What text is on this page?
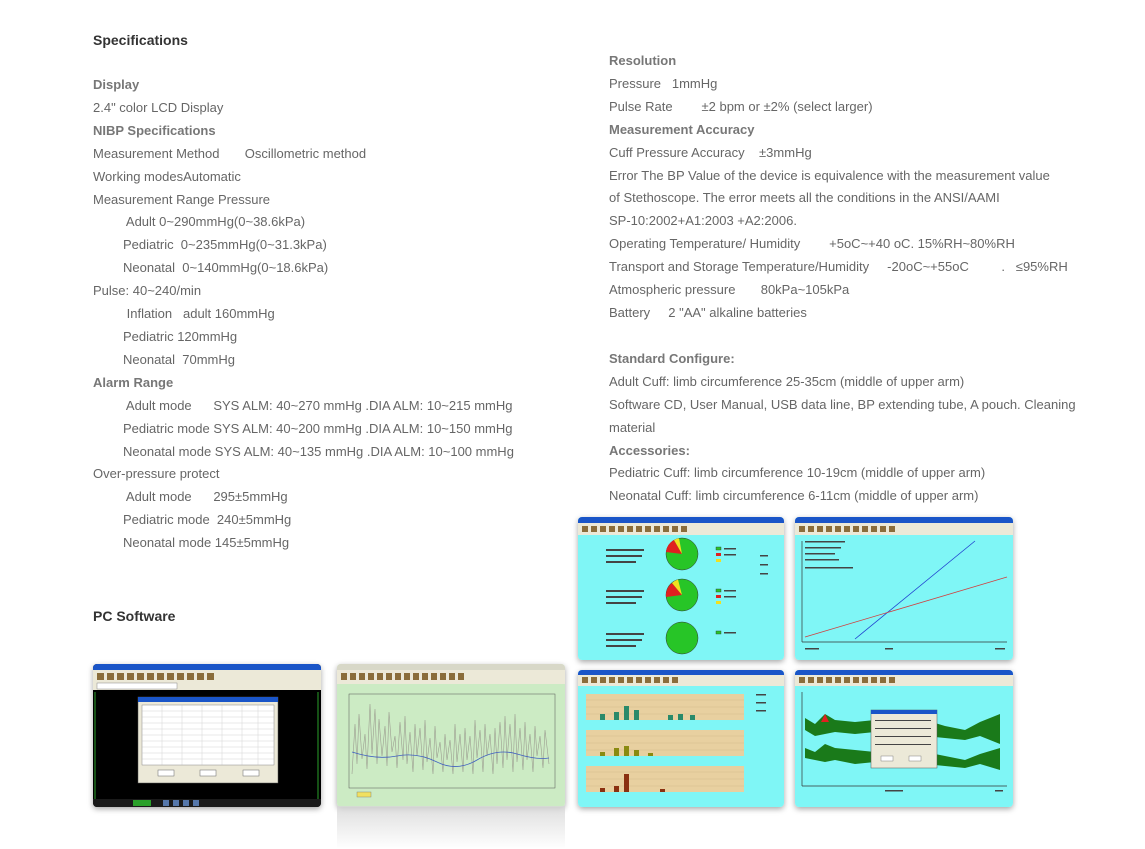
Specifications
Display
2.4" color LCD Display
NIBP Specifications
Measurement Method       Oscillometric method
Working modesAutomatic
Measurement Range Pressure
Adult 0~290mmHg(0~38.6kPa)
Pediatric  0~235mmHg(0~31.3kPa)
Neonatal  0~140mmHg(0~18.6kPa)
Pulse: 40~240/min
Inflation   adult 160mmHg
Pediatric 120mmHg
Neonatal  70mmHg
Alarm Range
Adult mode      SYS ALM: 40~270 mmHg .DIA ALM: 10~215 mmHg
Pediatric mode SYS ALM: 40~200 mmHg .DIA ALM: 10~150 mmHg
Neonatal mode SYS ALM: 40~135 mmHg .DIA ALM: 10~100 mmHg
Over-pressure protect
Adult mode      295±5mmHg
Pediatric mode  240±5mmHg
Neonatal mode 145±5mmHg
Resolution
Pressure   1mmHg
Pulse Rate        ±2 bpm or ±2% (select larger)
Measurement Accuracy
Cuff Pressure Accuracy    ±3mmHg
Error The BP Value of the device is equivalence with the measurement value
of Stethoscope. The error meets all the conditions in the ANSI/AAMI
SP-10:2002+A1:2003 +A2:2006.
Operating Temperature/ Humidity        +5oC~+40 oC. 15%RH~80%RH
Transport and Storage Temperature/Humidity     -20oC~+55oC         .   ≤95%RH
Atmospheric pressure       80kPa~105kPa
Battery     2 "AA" alkaline batteries
Standard Configure:
Adult Cuff: limb circumference 25-35cm (middle of upper arm)
Software CD, User Manual, USB data line, BP extending tube, A pouch. Cleaning
material
Accessories:
Pediatric Cuff: limb circumference 10-19cm (middle of upper arm)
Neonatal Cuff: limb circumference 6-11cm (middle of upper arm)
PC Software
